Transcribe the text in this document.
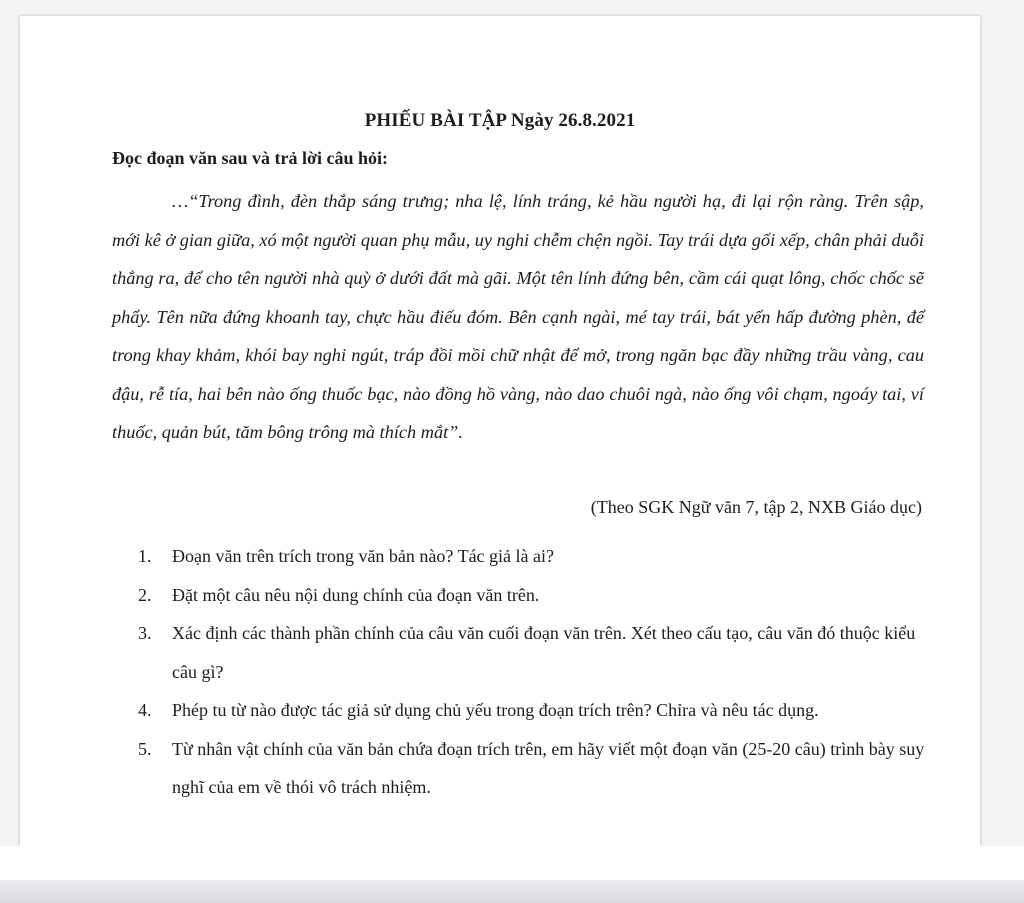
PHIẾU BÀI TẬP Ngày 26.8.2021
Đọc đoạn văn sau và trả lời câu hỏi:

…“Trong đình, đèn thắp sáng trưng; nha lệ, lính tráng, kẻ hầu người hạ, đi lại rộn ràng. Trên sập, mới kê ở gian giữa, xó một người quan phụ mẫu, uy nghi chễm chện ngồi. Tay trái dựa gối xếp, chân phải duỗi thẳng ra, để cho tên người nhà quỳ ở dưới đất mà gãi. Một tên lính đứng bên, cầm cái quạt lông, chốc chốc sẽ phẩy. Tên nữa đứng khoanh tay, chực hầu điếu đóm. Bên cạnh ngài, mé tay trái, bát yến hấp đường phèn, để trong khay khảm, khói bay nghi ngút, tráp đồi mồi chữ nhật để mở, trong ngăn bạc đầy những trầu vàng, cau đậu, rễ tía, hai bên nào ống thuốc bạc, nào đồng hồ vàng, nào dao chuôi ngà, nào ống vôi chạm, ngoáy tai, ví thuốc, quản bút, tăm bông trông mà thích mắt”.

(Theo SGK Ngữ văn 7, tập 2, NXB Giáo dục)
1. Đoạn văn trên trích trong văn bản nào? Tác giả là ai?
2. Đặt một câu nêu nội dung chính của đoạn văn trên.
3. Xác định các thành phần chính của câu văn cuối đoạn văn trên. Xét theo cấu tạo, câu văn đó thuộc kiểu câu gì?
4. Phép tu từ nào được tác giả sử dụng chủ yếu trong đoạn trích trên? Chỉra và nêu tác dụng.
5. Từ nhân vật chính của văn bản chứa đoạn trích trên, em hãy viết một đoạn văn (25-20 câu) trình bày suy nghĩ của em về thói vô trách nhiệm.
